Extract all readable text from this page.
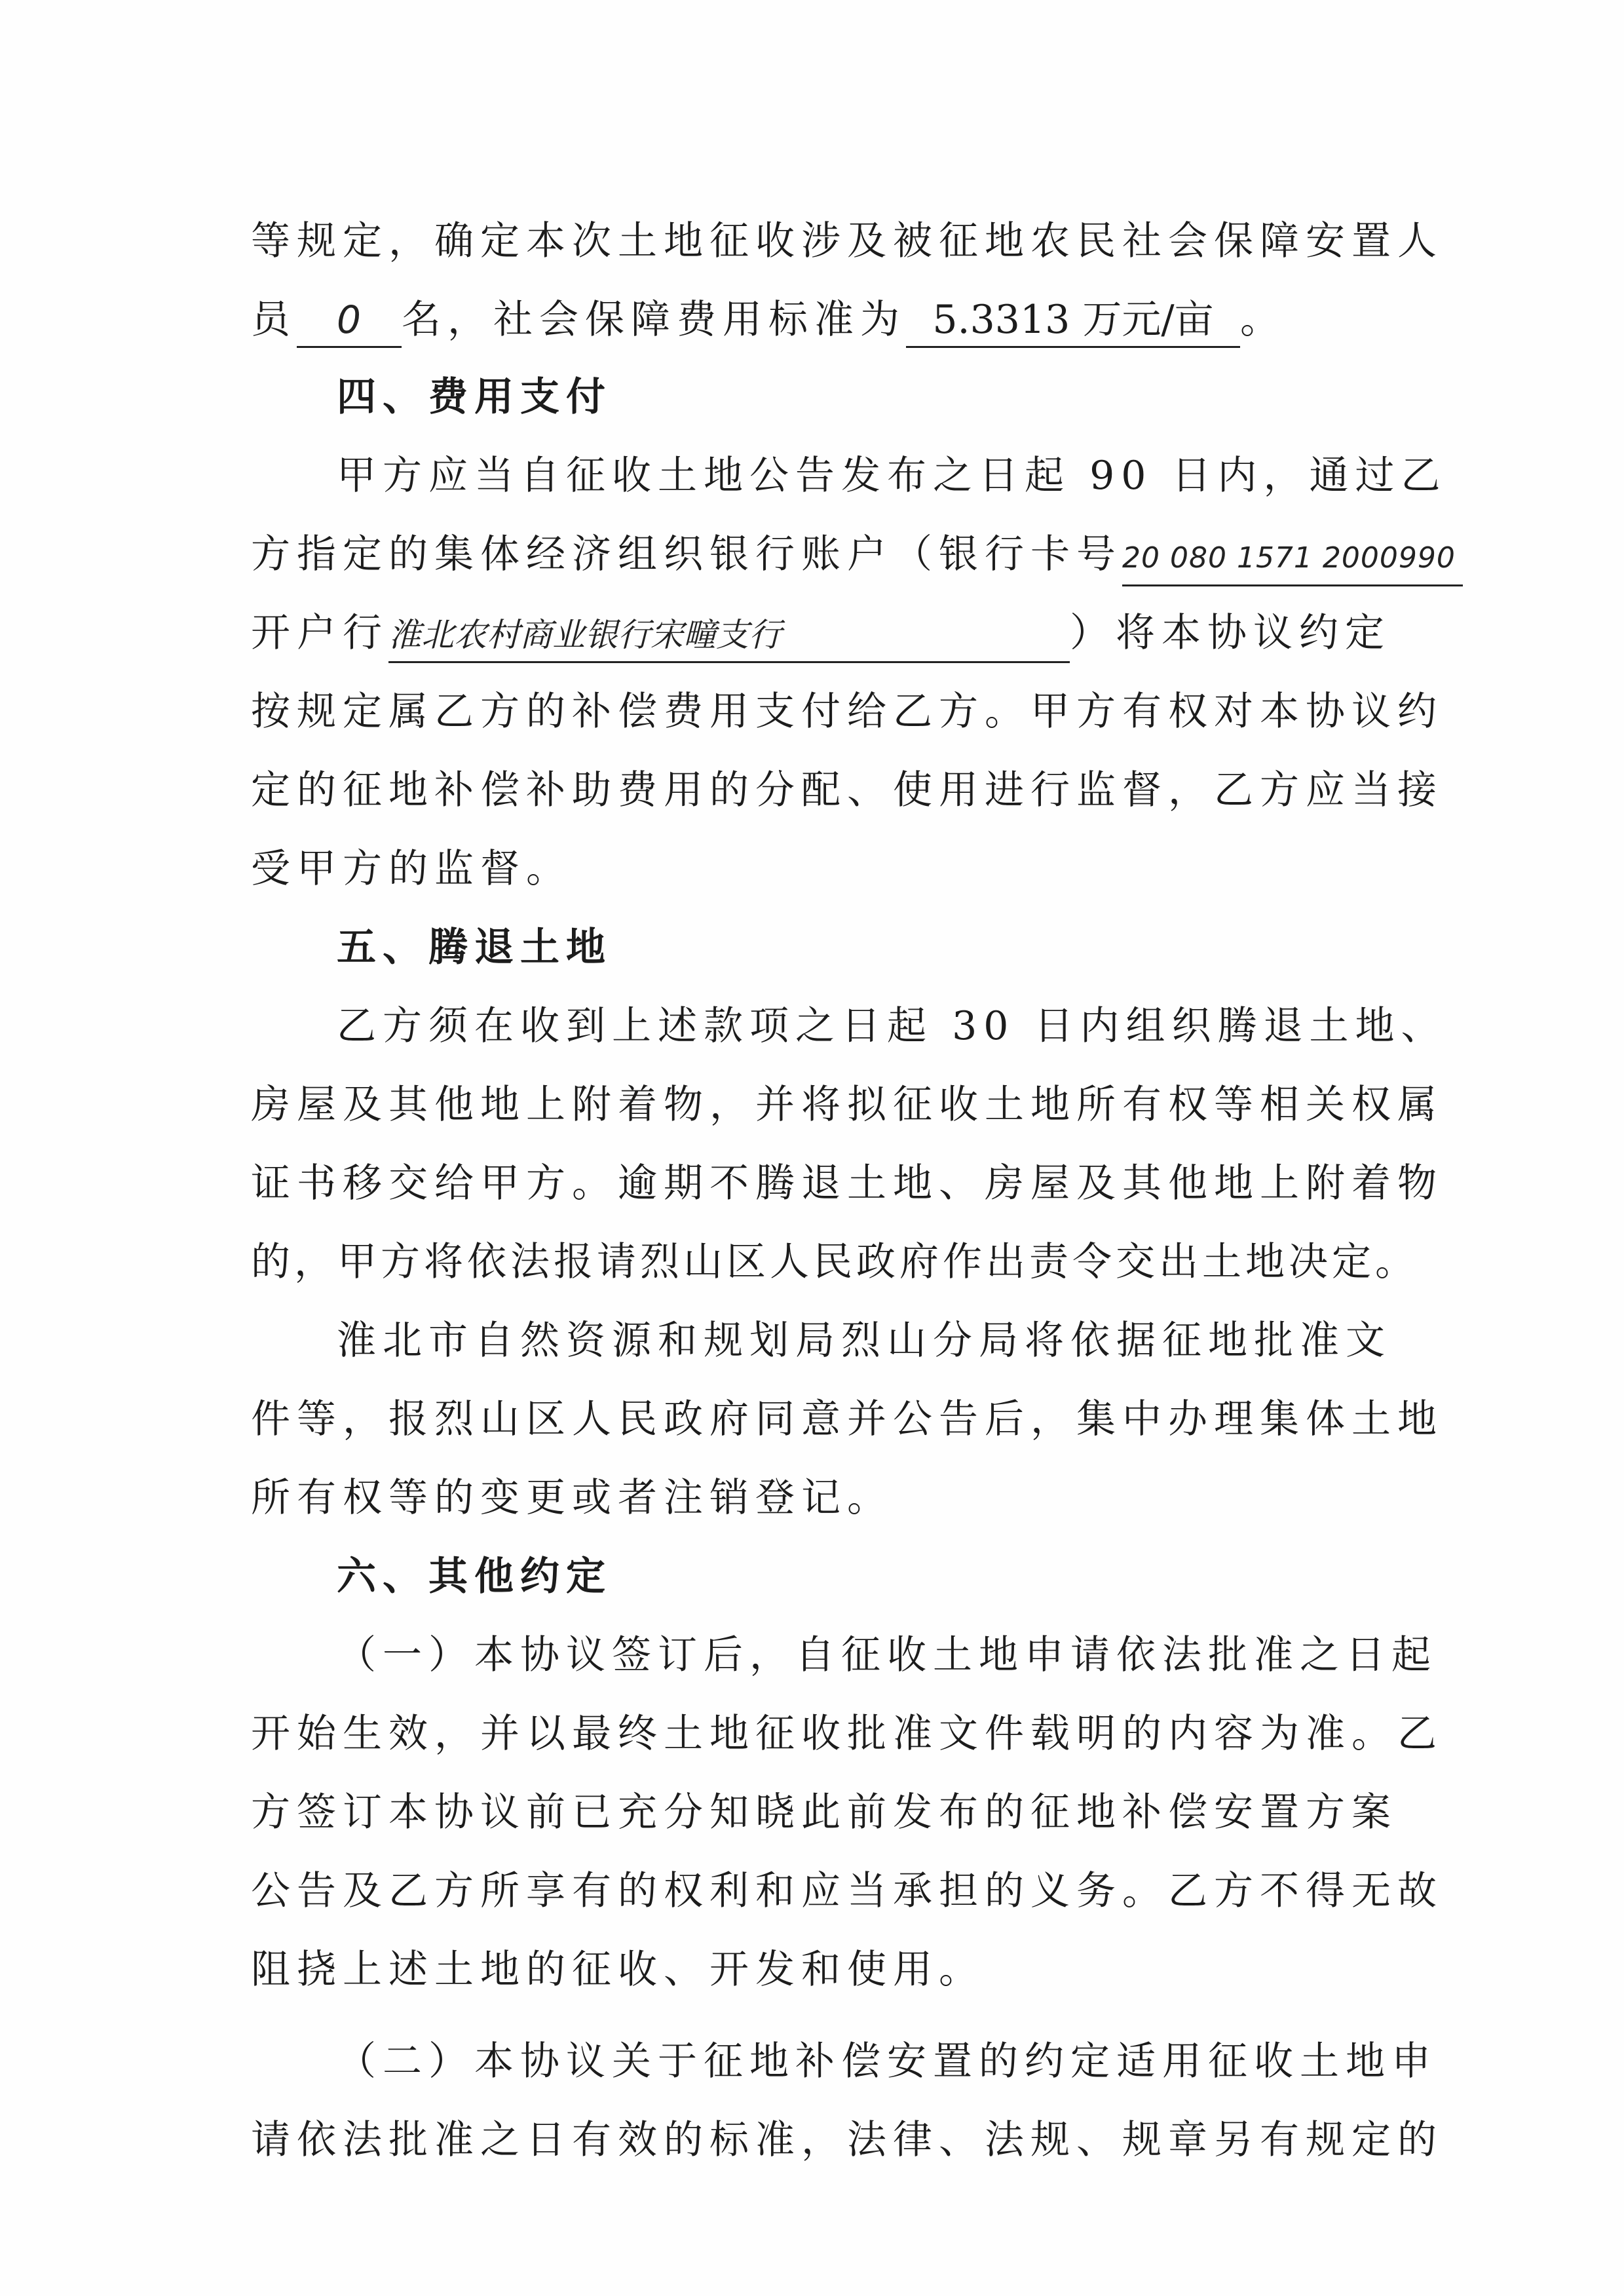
等规定，确定本次土地征收涉及被征地农民社会保障安置人
员 0 名，社会保障费用标准为 5.3313 万元/亩 。
四、费用支付
甲方应当自征收土地公告发布之日起 90 日内，通过乙
方指定的集体经济组织银行账户（银行卡号20 080 1571 2000990
开户行淮北农村商业银行宋疃支行	）将本协议约定
按规定属乙方的补偿费用支付给乙方。甲方有权对本协议约
定的征地补偿补助费用的分配、使用进行监督，乙方应当接
受甲方的监督。
五、腾退土地
乙方须在收到上述款项之日起 30 日内组织腾退土地、
房屋及其他地上附着物，并将拟征收土地所有权等相关权属
证书移交给甲方。逾期不腾退土地、房屋及其他地上附着物
的，甲方将依法报请烈山区人民政府作出责令交出土地决定。
淮北市自然资源和规划局烈山分局将依据征地批准文
件等，报烈山区人民政府同意并公告后，集中办理集体土地
所有权等的变更或者注销登记。
六、其他约定
（一）本协议签订后，自征收土地申请依法批准之日起
开始生效，并以最终土地征收批准文件载明的内容为准。乙
方签订本协议前已充分知晓此前发布的征地补偿安置方案
公告及乙方所享有的权利和应当承担的义务。乙方不得无故
阻挠上述土地的征收、开发和使用。
（二）本协议关于征地补偿安置的约定适用征收土地申
请依法批准之日有效的标准，法律、法规、规章另有规定的
